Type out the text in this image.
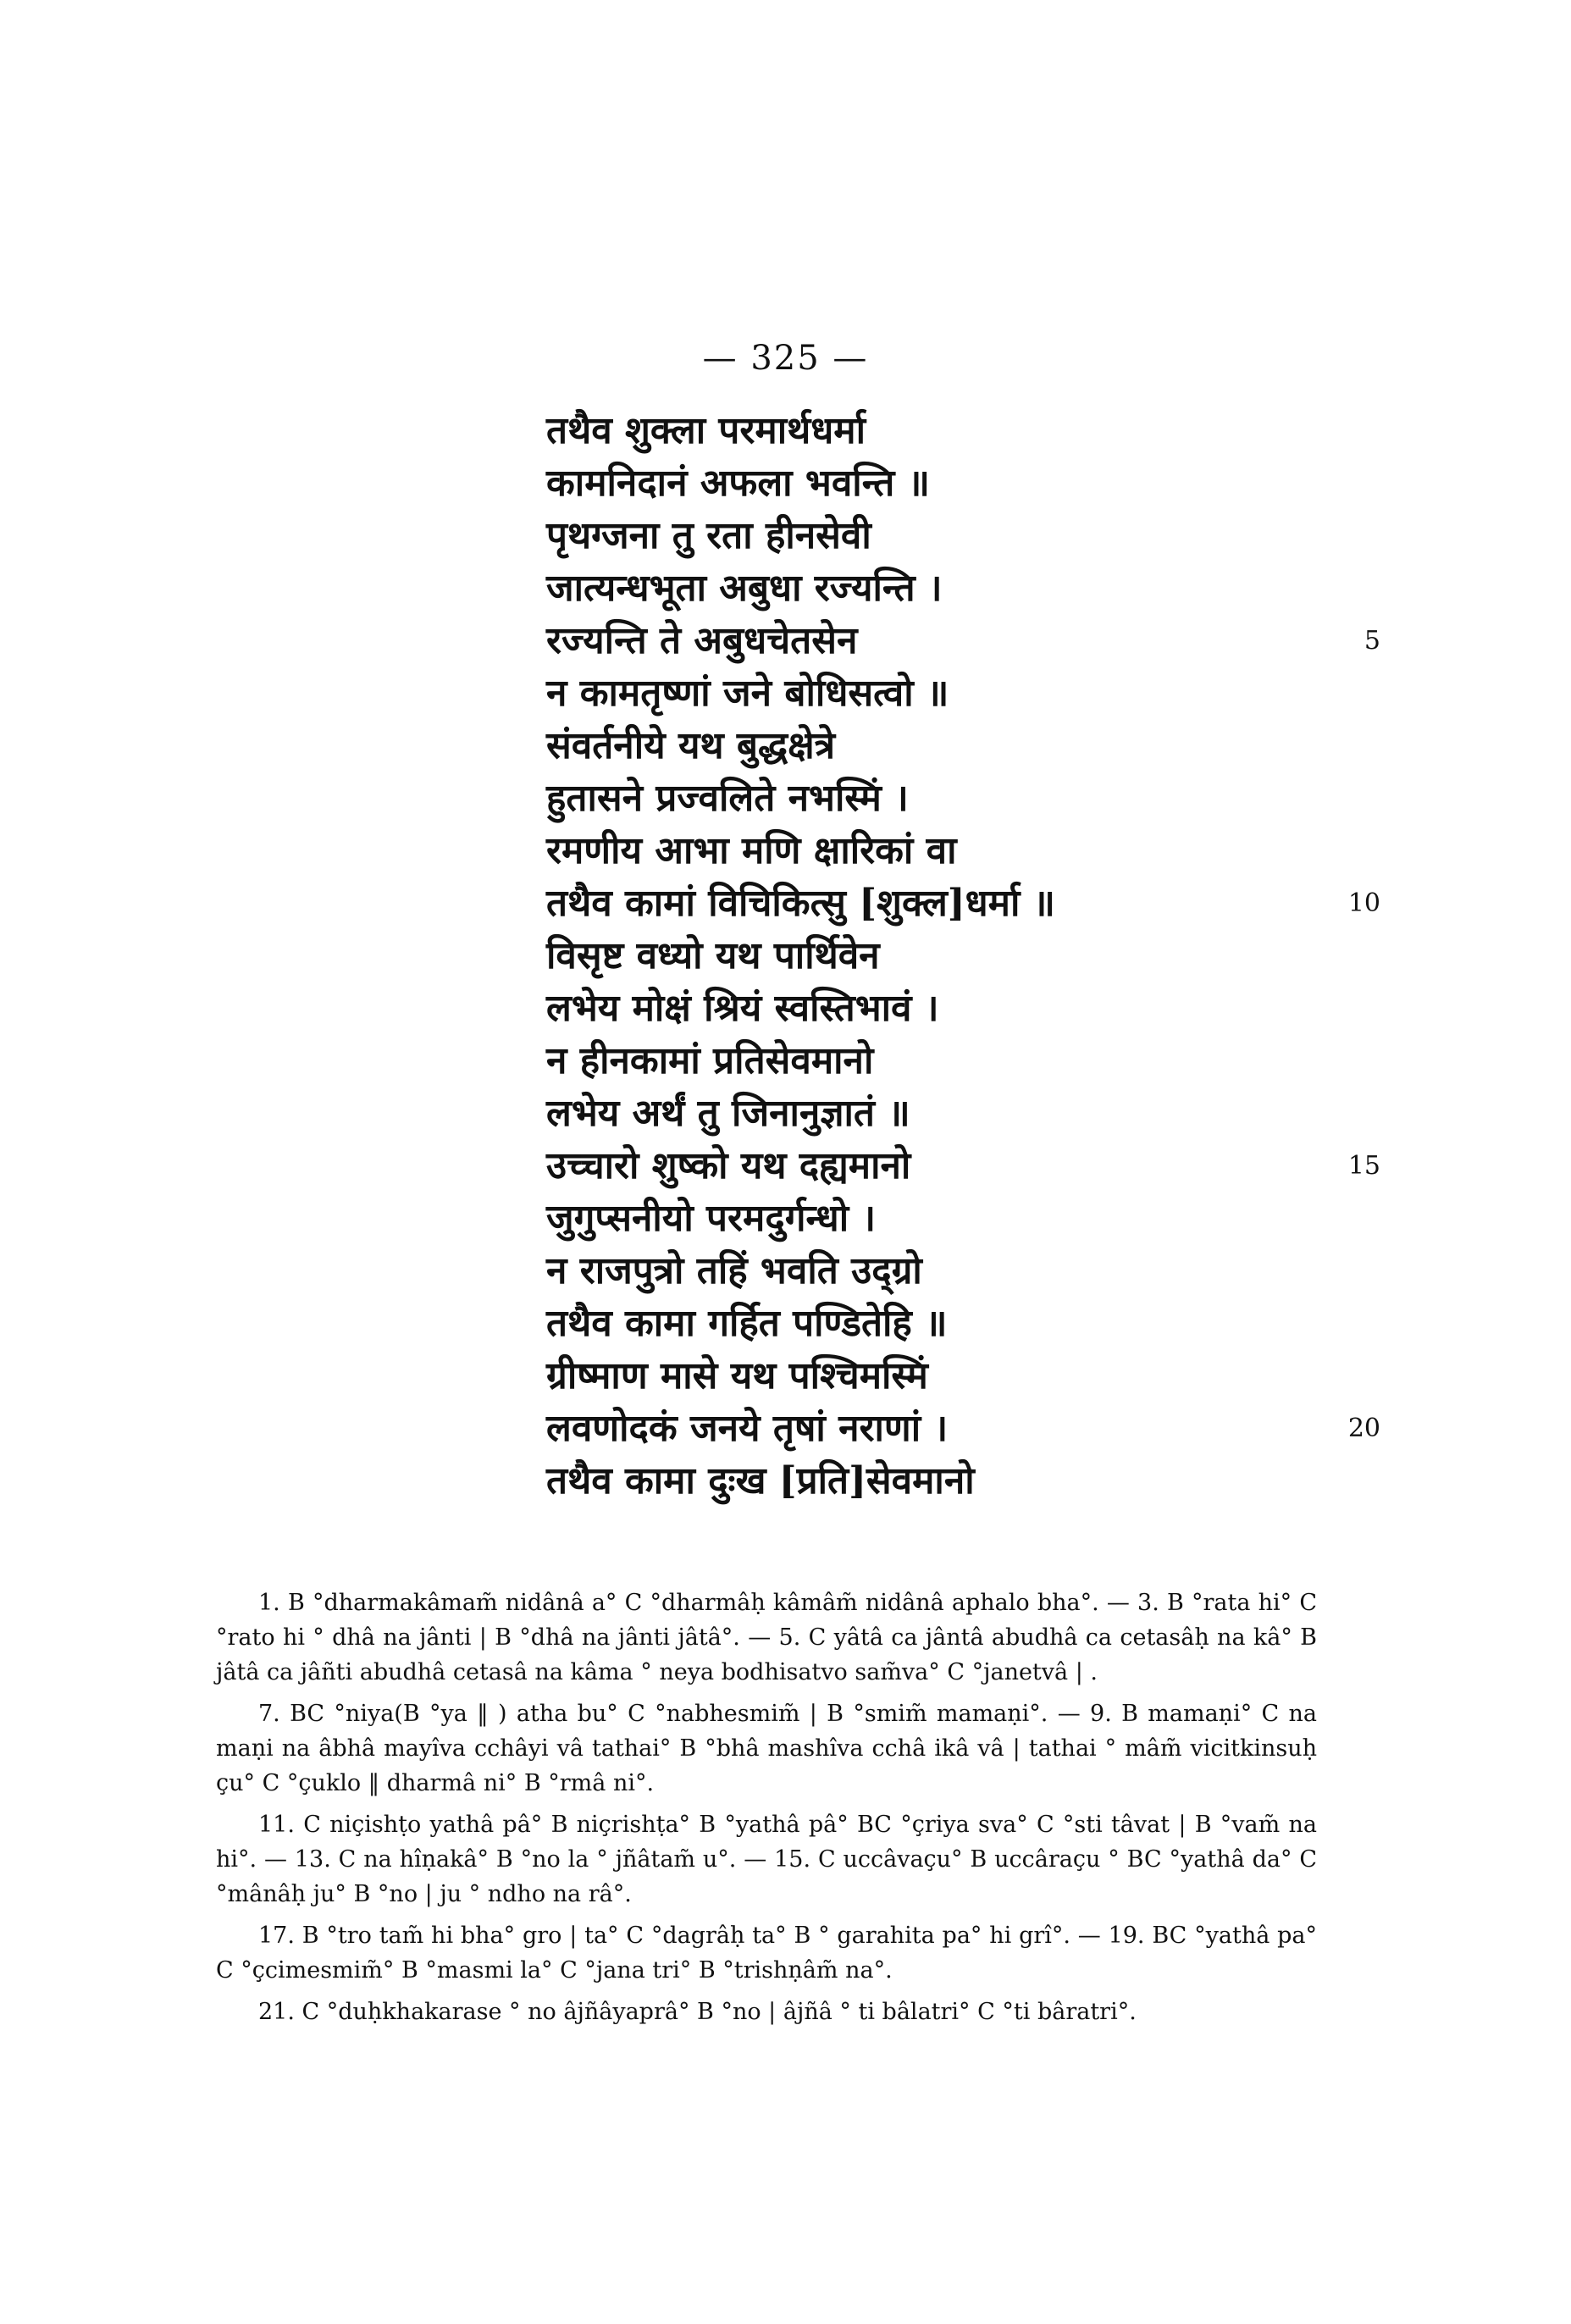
— 325 —
तथैव शुक्ला परमार्थधर्मा
कामनिदानं अफला भवन्ति ॥
पृथग्जना तु रता हीनसेवी
जात्यन्धभूता अबुधा रज्यन्ति ।
रज्यन्ति ते अबुधचेतसेन
न कामतृष्णां जने बोधिसत्वो ॥
संवर्तनीये यथ बुद्धक्षेत्रे
हुतासने प्रज्वलिते नभस्मिं ।
रमणीय आभा मणि क्षारिकां वा
तथैव कामां विचिकित्सु [शुक्ल]धर्मा ॥
विसृष्ट वध्यो यथ पार्थिवेन
लभेय मोक्षं श्रियं स्वस्तिभावं ।
न हीनकामां प्रतिसेवमानो
लभेय अर्थं तु जिनानुज्ञातं ॥
उच्चारो शुष्को यथ दह्यमानो
जुगुप्सनीयो परमदुर्गन्धो ।
न राजपुत्रो तहिं भवति उद्ग्रो
तथैव कामा गर्हित पण्डितेहि ॥
ग्रीष्माण मासे यथ पश्चिमस्मिं
लवणोदकं जनये तृषां नराणां ।
तथैव कामा दुःख [प्रति]सेवमानो
5
10
15
20

1. B °dharmakâmam̃ nidânâ a° C °dharmâḥ kâmâm̃ nidânâ aphalo bha°. — 3. B °rata hi° C °rato hi ° dhâ na jânti | B °dhâ na jânti jâtâ°. — 5. C yâtâ ca jântâ abudhâ ca cetasâḥ na kâ° B jâtâ ca jâñti abudhâ cetasâ na kâma ° neya bodhisatvo sam̃va° C °janetvâ | .

7. BC °niya(B °ya ‖ ) atha bu° C °nabhesmim̃ | B °smim̃ mamaṇi°. — 9. B mamaṇi° C na maṇi na âbhâ mayîva cchâyi vâ tathai° B °bhâ mashîva cchâ ikâ vâ | tathai ° mâm̃ vicitkinsuḥ çu° C °çuklo ‖ dharmâ ni° B °rmâ ni°.

11. C niçishṭo yathâ pâ° B niçrishṭa° B °yathâ pâ° BC °çriya sva° C °sti tâvat | B °vam̃ na hi°. — 13. C na hîṇakâ° B °no la ° jñâtam̃ u°. — 15. C uccâvaçu° B uccâraçu ° BC °yathâ da° C °mânâḥ ju° B °no | ju ° ndho na râ°.

17. B °tro tam̃ hi bha° gro | ta° C °dagrâḥ ta° B ° garahita pa° hi grî°. — 19. BC °yathâ pa° C °çcimesmim̃° B °masmi la° C °jana tri° B °trishṇâm̃ na°.

21. C °duḥkhakarase ° no âjñâyaprâ° B °no | âjñâ ° ti bâlatri° C °ti bâratri°.
